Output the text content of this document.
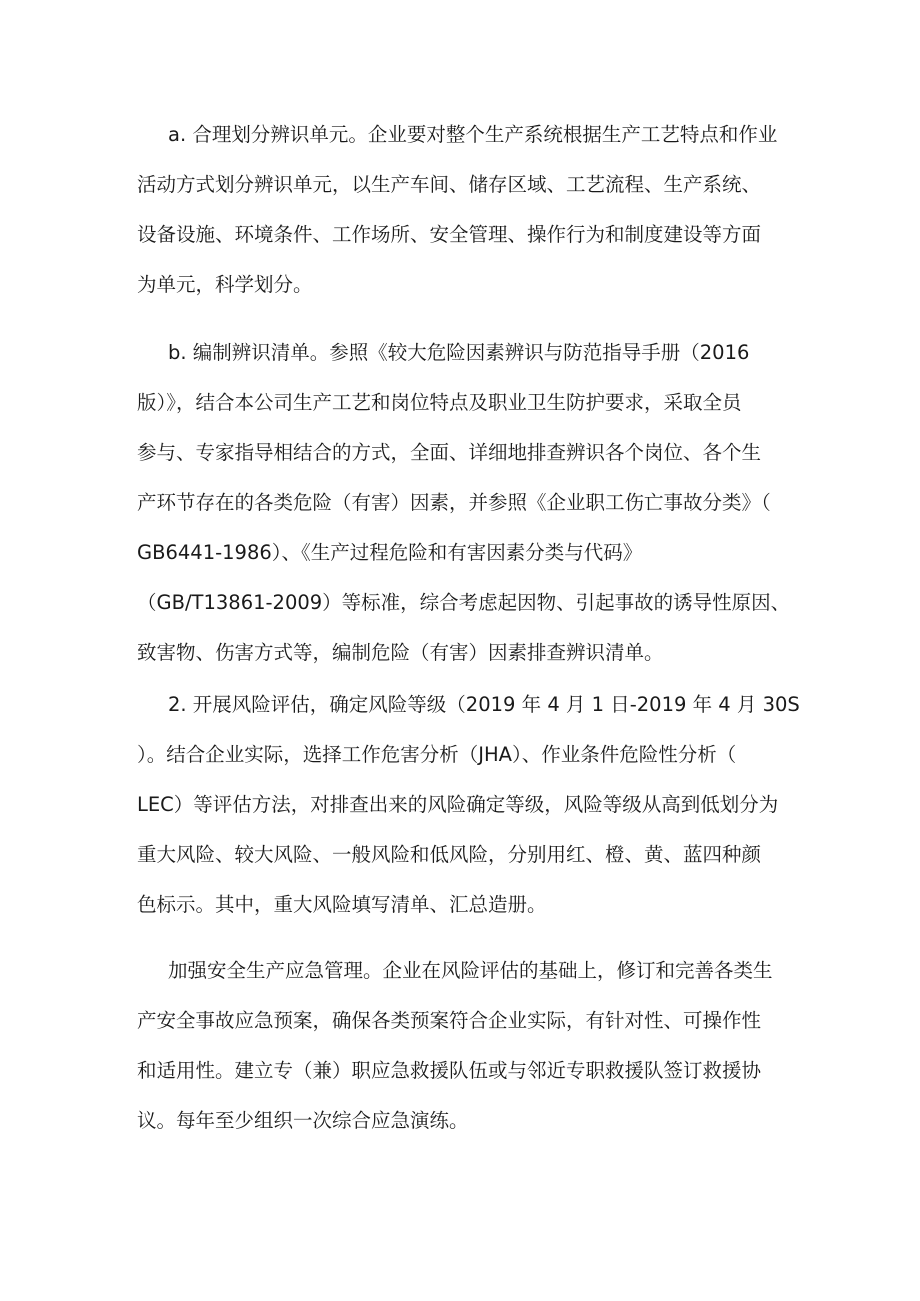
a. 合理划分辨识单元。企业要对整个生产系统根据生产工艺特点和作业
活动方式划分辨识单元，以生产车间、储存区域、工艺流程、生产系统、
设备设施、环境条件、工作场所、安全管理、操作行为和制度建设等方面
为单元，科学划分。
b. 编制辨识清单。参照《较大危险因素辨识与防范指导手册（2016
版）》，结合本公司生产工艺和岗位特点及职业卫生防护要求，采取全员
参与、专家指导相结合的方式，全面、详细地排查辨识各个岗位、各个生
产环节存在的各类危险（有害）因素，并参照《企业职工伤亡事故分类》（
GB6441-1986）、《生产过程危险和有害因素分类与代码》
（GB/T13861-2009）等标准，综合考虑起因物、引起事故的诱导性原因、
致害物、伤害方式等，编制危险（有害）因素排查辨识清单。
2. 开展风险评估，确定风险等级（2019 年 4 月 1 日-2019 年 4 月 30S
）。结合企业实际，选择工作危害分析（JHA）、作业条件危险性分析（
LEC）等评估方法，对排查出来的风险确定等级，风险等级从高到低划分为
重大风险、较大风险、一般风险和低风险，分别用红、橙、黄、蓝四种颜
色标示。其中，重大风险填写清单、汇总造册。
加强安全生产应急管理。企业在风险评估的基础上，修订和完善各类生
产安全事故应急预案，确保各类预案符合企业实际，有针对性、可操作性
和适用性。建立专（兼）职应急救援队伍或与邻近专职救援队签订救援协
议。每年至少组织一次综合应急演练。
